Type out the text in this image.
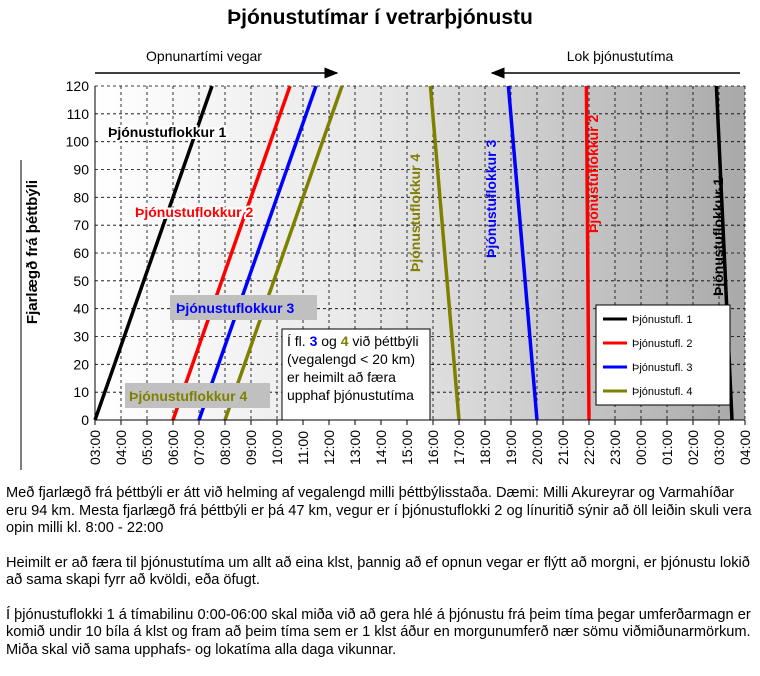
Þjónustutímar í vetrarþjónustu
0
10
20
30
40
50
60
70
80
90
100
110
120
03:00 04:00 05:00 06:00 07:00 08:00 09:00 10:00 11:00 12:00 13:00 14:00 15:00 16:00 17:00 18:00 19:00 20:00 21:00 22:00 23:00 00:00 01:00 02:00 03:00 04:00
Opnunartími vegar	Lok þjónustutíma
Fjarlægð frá þéttbýli
Þjónustuflokkur 1
Þjónustuflokkur 2
Þjónustuflokkur 3
Þjónustuflokkur 4
Þjónustuflokkur 4	Þjónustuflokkur 3	Þjónustuflokkur 2
Þjónustuflokkur 1
Í fl. 3 og 4 við þéttbýli
(vegalengd < 20 km)
er heimilt að færa
upphaf þjónustutíma
Þjónustufl. 1
Þjónustufl. 2
Þjónustufl. 3
Þjónustufl. 4

Með fjarlægð frá þéttbýli er átt við helming af vegalengd milli þéttbýlisstaða. Dæmi: Milli Akureyrar og Varmahíðar eru 94 km. Mesta fjarlægð frá þéttbýli er þá 47 km, vegur er í þjónustuflokki 2 og línuritið sýnir að öll leiðin skuli vera opin milli kl. 8:00 - 22:00

Heimilt er að færa til þjónustutíma um allt að eina klst, þannig að ef opnun vegar er flýtt að morgni, er þjónustu lokið að sama skapi fyrr að kvöldi, eða öfugt.

Í þjónustuflokki 1 á tímabilinu 0:00-06:00 skal miða við að gera hlé á þjónustu frá þeim tíma þegar umferðarmagn er komið undir 10 bíla á klst og fram að þeim tíma sem er 1 klst áður en morgunumferð nær sömu viðmiðunarmörkum. Miða skal við sama upphafs- og lokatíma alla daga vikunnar.
